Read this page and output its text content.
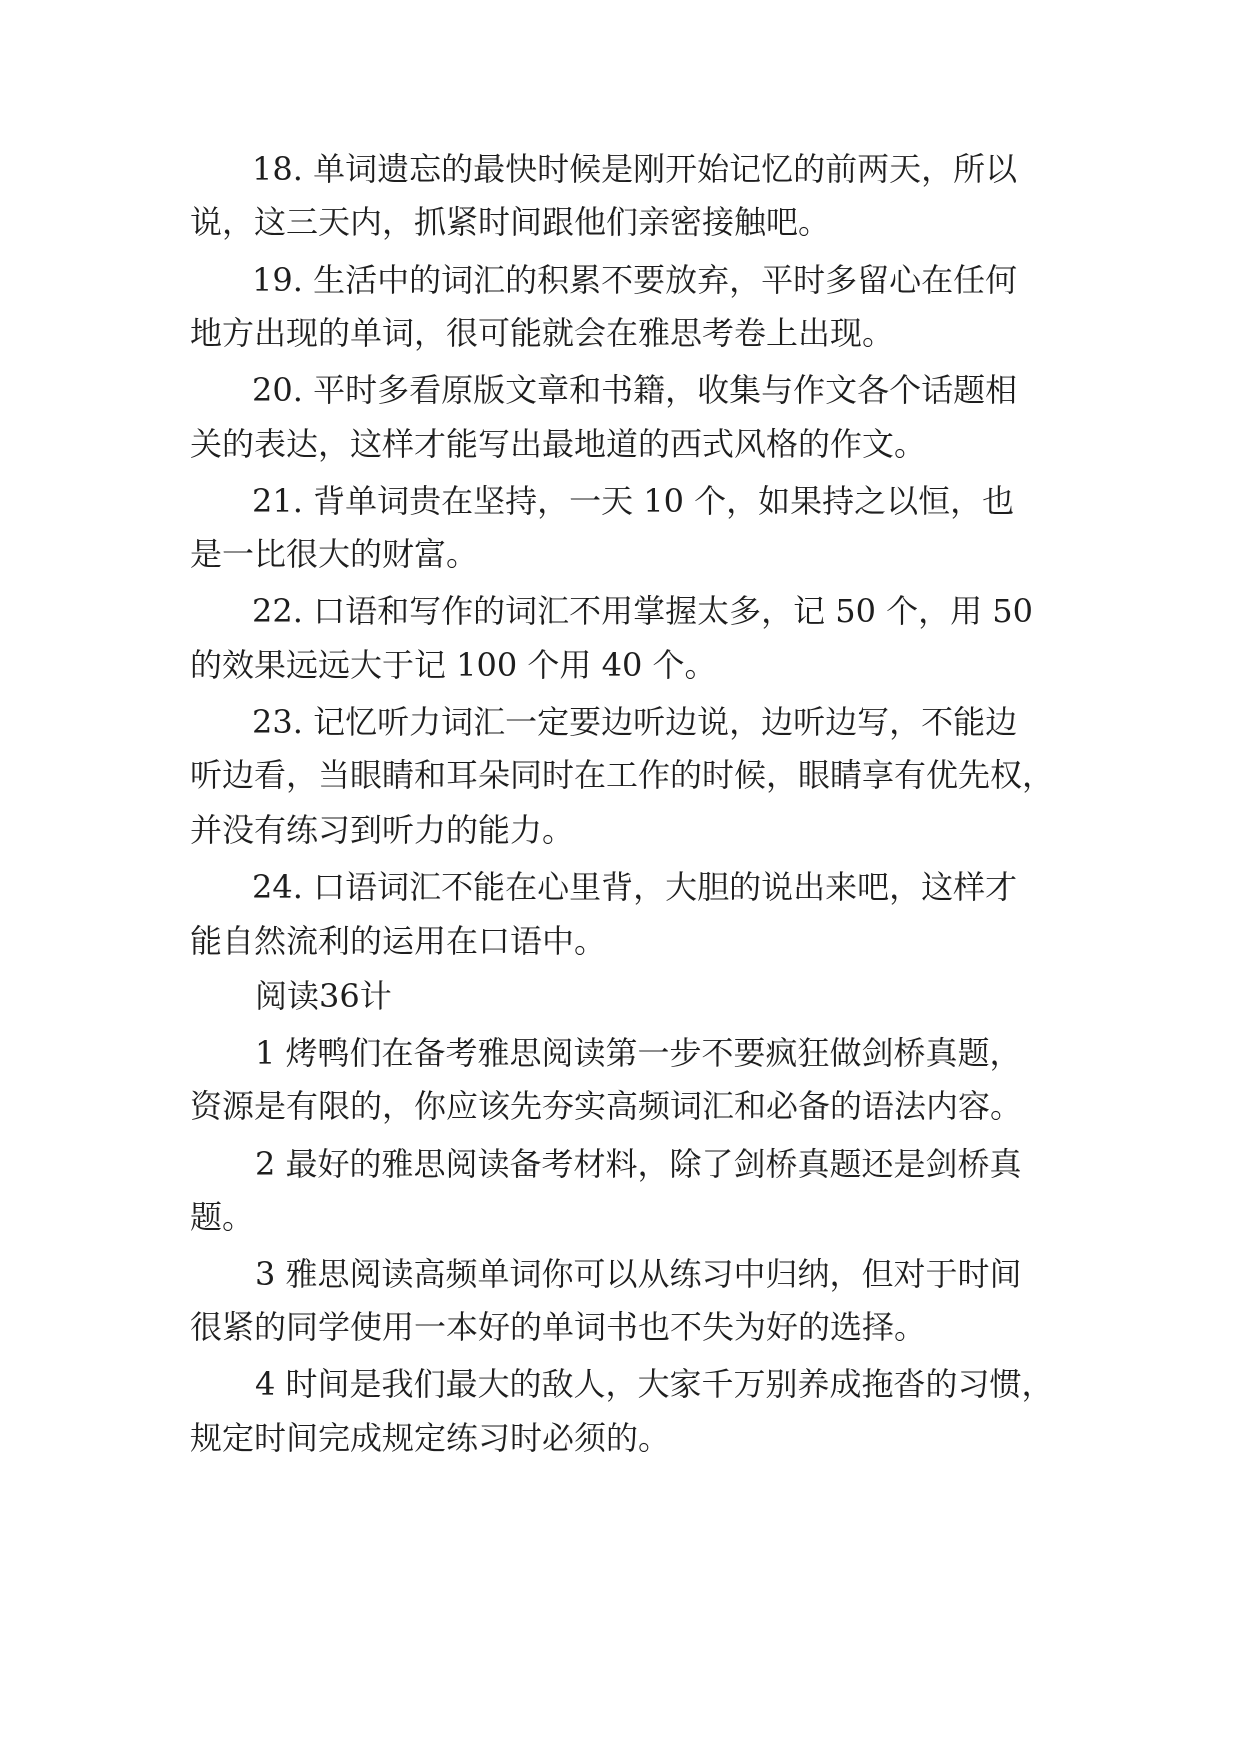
18. 单词遗忘的最快时候是刚开始记忆的前两天，所以

说，这三天内，抓紧时间跟他们亲密接触吧。

19. 生活中的词汇的积累不要放弃，平时多留心在任何

地方出现的单词，很可能就会在雅思考卷上出现。

20. 平时多看原版文章和书籍，收集与作文各个话题相

关的表达，这样才能写出最地道的西式风格的作文。

21. 背单词贵在坚持，一天 10 个，如果持之以恒，也

是一比很大的财富。

22. 口语和写作的词汇不用掌握太多，记 50 个，用 50

的效果远远大于记 100 个用 40 个。

23. 记忆听力词汇一定要边听边说，边听边写，不能边

听边看，当眼睛和耳朵同时在工作的时候，眼睛享有优先权，

并没有练习到听力的能力。

24. 口语词汇不能在心里背，大胆的说出来吧，这样才

能自然流利的运用在口语中。

阅读36计

1 烤鸭们在备考雅思阅读第一步不要疯狂做剑桥真题，

资源是有限的，你应该先夯实高频词汇和必备的语法内容。

2 最好的雅思阅读备考材料，除了剑桥真题还是剑桥真

题。

3 雅思阅读高频单词你可以从练习中归纳，但对于时间

很紧的同学使用一本好的单词书也不失为好的选择。

4 时间是我们最大的敌人，大家千万别养成拖沓的习惯，

规定时间完成规定练习时必须的。
